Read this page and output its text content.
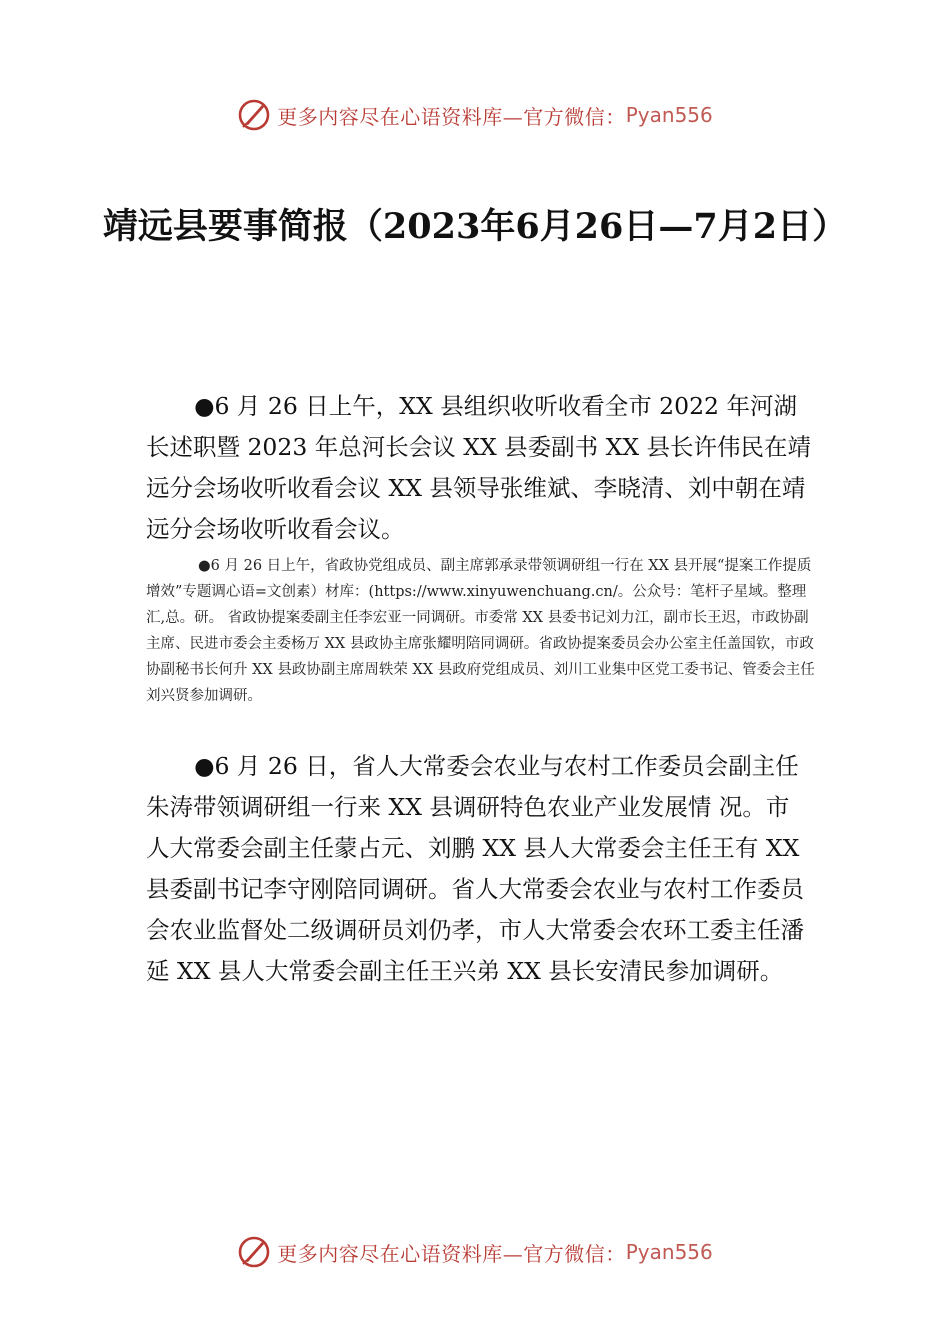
更多内容尽在心语资料库—官方微信： Pyan556
靖远县要事简报（2023年6月26日—7月2日）

●6 月 26 日上午，XX 县组织收听收看全市 2022 年河湖长述职暨 2023 年总河长会议 XX 县委副书 XX 县长许伟民在靖远分会场收听收看会议 XX 县领导张维斌、李晓清、刘中朝在靖远分会场收听收看会议。

●6 月 26 日上午，省政协党组成员、副主席郭承录带领调研组一行在 XX 县开展“提案工作提质增效”专题调心语=文创素）材库：(https://www.xinyuwenchuang.cn/。公众号：笔杆子星域。整理汇,总。研。 省政协提案委副主任李宏亚一同调研。市委常 XX 县委书记刘力江，副市长王迟，市政协副主席、民进市委会主委杨万 XX 县政协主席张耀明陪同调研。省政协提案委员会办公室主任盖国钦，市政协副秘书长何升 XX 县政协副主席周轶荣 XX 县政府党组成员、刘川工业集中区党工委书记、管委会主任刘兴贤参加调研。

●6 月 26 日，省人大常委会农业与农村工作委员会副主任朱涛带领调研组一行来 XX 县调研特色农业产业发展情 况。市人大常委会副主任蒙占元、刘鹏 XX 县人大常委会主任王有 XX 县委副书记李守刚陪同调研。省人大常委会农业与农村工作委员会农业监督处二级调研员刘仍孝，市人大常委会农环工委主任潘延 XX 县人大常委会副主任王兴弟 XX 县长安清民参加调研。

更多内容尽在心语资料库—官方微信： Pyan556
